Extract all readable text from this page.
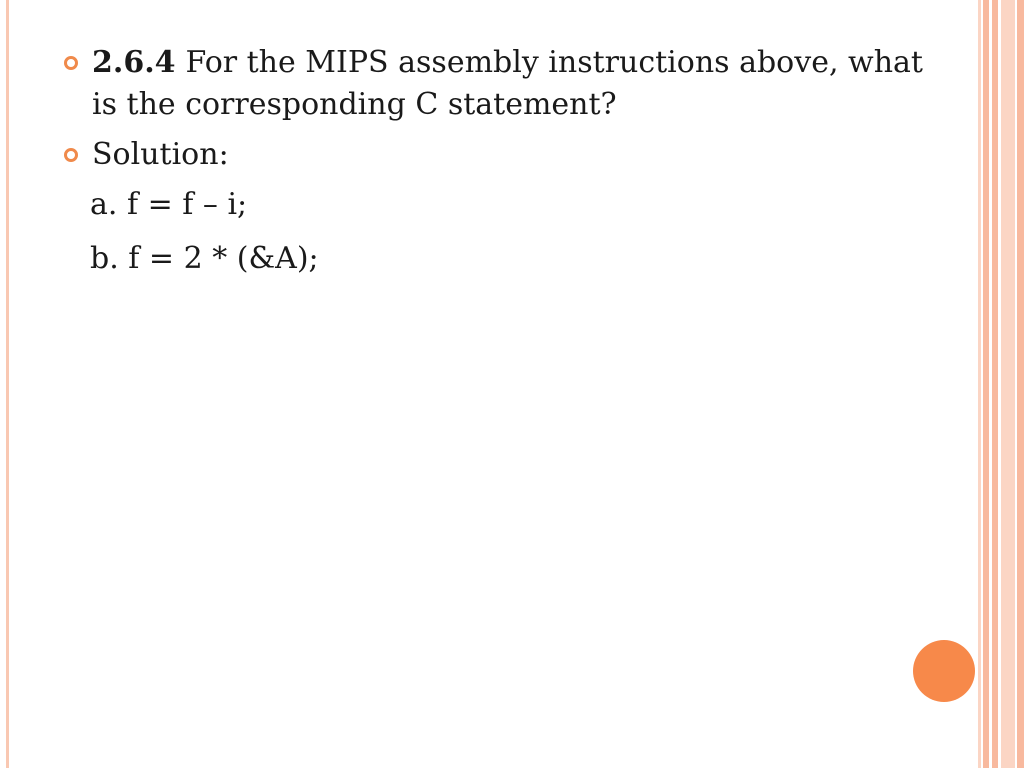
2.6.4 For the MIPS assembly instructions above, what is the corresponding C statement?
Solution:
a. f = f – i;
b. f = 2 * (&A);
